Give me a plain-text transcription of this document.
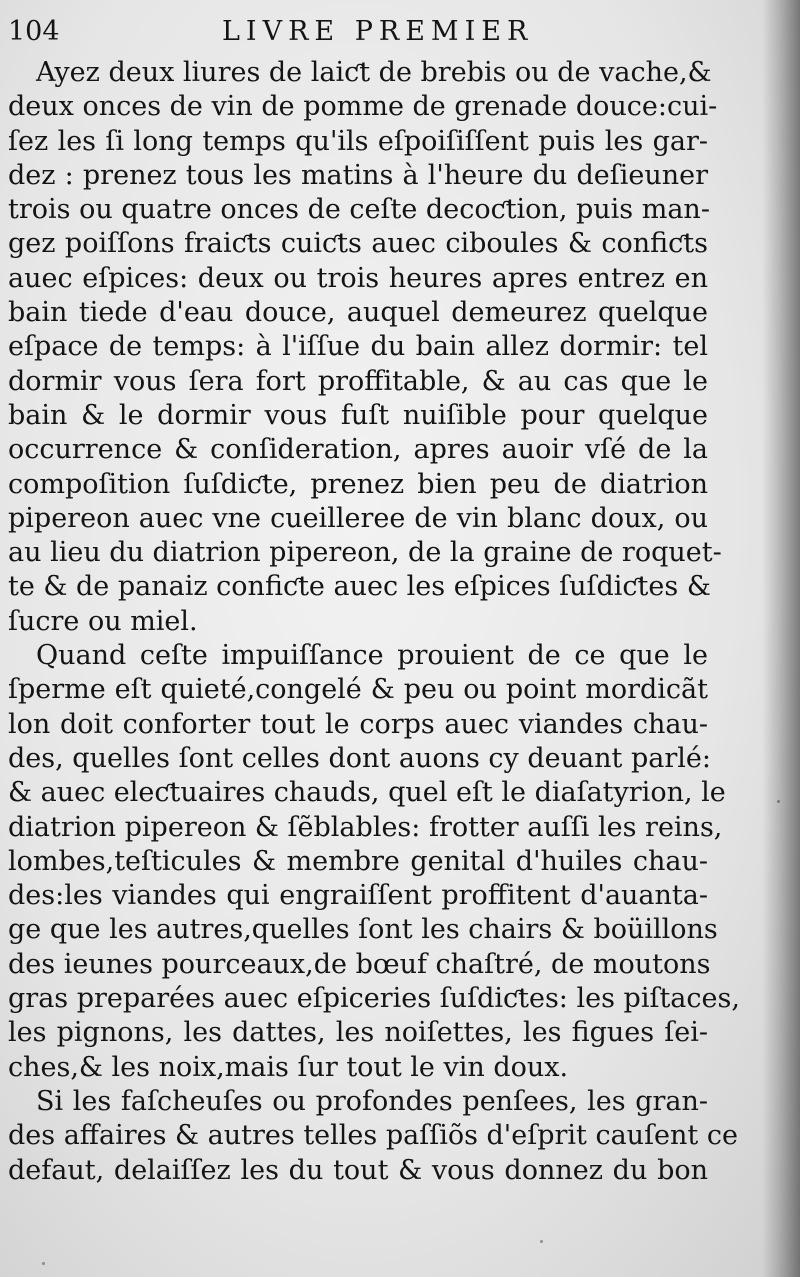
104	LIVRE PREMIER
Ayez deux liures de laiƈt de brebis ou de vache,&
deux onces de vin de pomme de grenade douce:cui-
ſez les ſi long temps qu'ils eſpoiſiſſent puis les gar-
dez : prenez tous les matins à l'heure du deſieuner
trois ou quatre onces de ceſte decoƈtion, puis man-
gez poiſſons fraiƈts cuiƈts auec ciboules & confiƈts
auec eſpices: deux ou trois heures apres entrez en
bain tiede d'eau douce, auquel demeurez quelque
eſpace de temps: à l'iſſue du bain allez dormir: tel
dormir vous ſera fort proffitable, & au cas que le
bain & le dormir vous fuſt nuiſible pour quelque
occurrence & conſideration, apres auoir vſé de la
compoſition ſuſdiƈte, prenez bien peu de diatrion
pipereon auec vne cueilleree de vin blanc doux, ou
au lieu du diatrion pipereon, de la graine de roquet-
te & de panaiz confiƈte auec les eſpices ſuſdiƈtes &
ſucre ou miel.
Quand ceſte impuiſſance prouient de ce que le
ſperme eſt quieté,congelé & peu ou point mordicãt
lon doit conforter tout le corps auec viandes chau-
des, quelles ſont celles dont auons cy deuant parlé:
& auec eleƈtuaires chauds, quel eſt le diaſatyrion, le
diatrion pipereon & ſẽblables: frotter auſſi les reins,
lombes,teſticules & membre genital d'huiles chau-
des:les viandes qui engraiſſent proffitent d'auanta-
ge que les autres,quelles ſont les chairs & boüillons
des ieunes pourceaux,de bœuf chaſtré, de moutons
gras preparées auec eſpiceries ſuſdiƈtes: les piſtaces,
les pignons, les dattes, les noiſettes, les figues ſei-
ches,& les noix,mais ſur tout le vin doux.
Si les faſcheuſes ou profondes penſees, les gran-
des affaires & autres telles paſſiõs d'eſprit cauſent ce
defaut, delaiſſez les du tout & vous donnez du bon
